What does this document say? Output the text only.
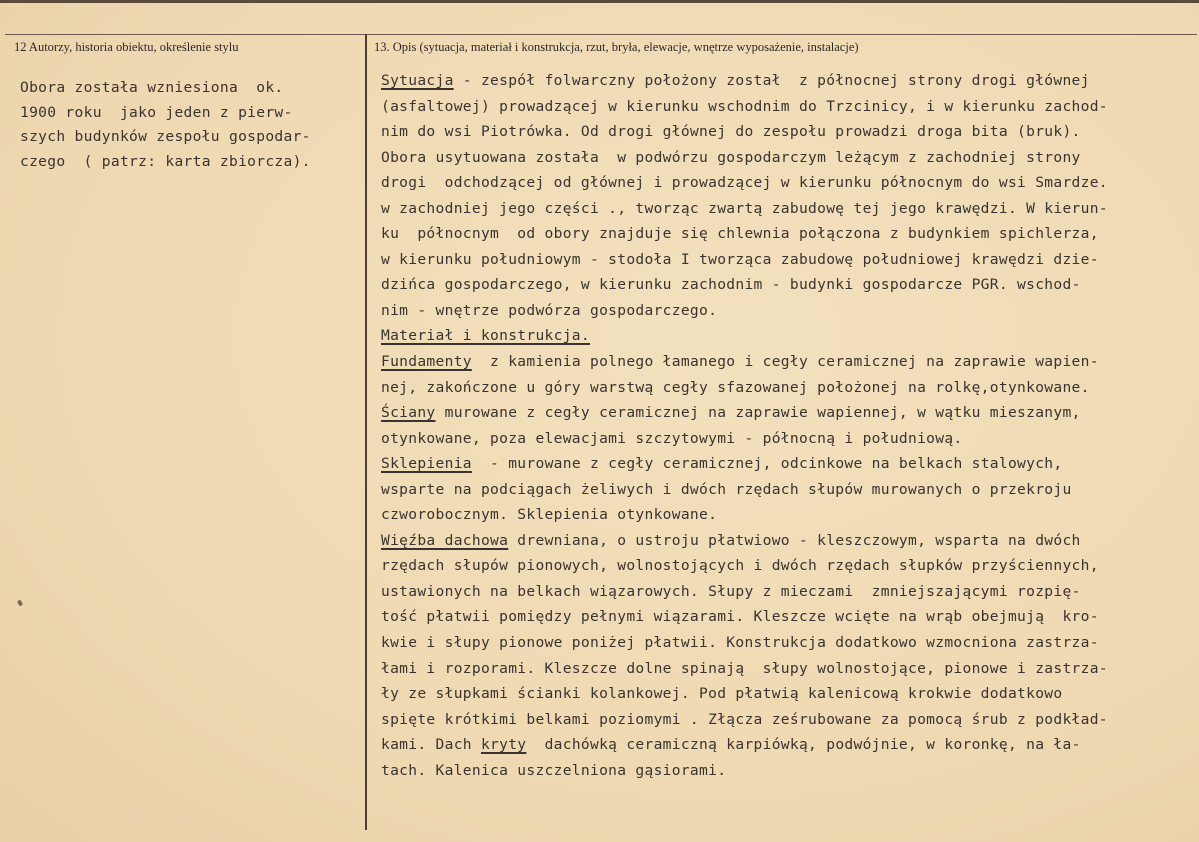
12 Autorzy, historia obiektu, określenie stylu	13. Opis (sytuacja, materiał i konstrukcja, rzut, bryła, elewacje, wnętrze wyposażenie, instalacje)
Obora została wzniesiona  ok.
1900 roku  jako jeden z pierw-
szych budynków zespołu gospodar-
czego  ( patrz: karta zbiorcza).
Sytuacja - zespół folwarczny położony został  z północnej strony drogi głównej
(asfaltowej) prowadzącej w kierunku wschodnim do Trzcinicy, i w kierunku zachod-
nim do wsi Piotrówka. Od drogi głównej do zespołu prowadzi droga bita (bruk).
Obora usytuowana została  w podwórzu gospodarczym leżącym z zachodniej strony
drogi  odchodzącej od głównej i prowadzącej w kierunku północnym do wsi Smardze.
w zachodniej jego części ., tworząc zwartą zabudowę tej jego krawędzi. W kierun-
ku  północnym  od obory znajduje się chlewnia połączona z budynkiem spichlerza,
w kierunku południowym - stodoła I tworząca zabudowę południowej krawędzi dzie-
dzińca gospodarczego, w kierunku zachodnim - budynki gospodarcze PGR. wschod-
nim - wnętrze podwórza gospodarczego.
Materiał i konstrukcja.
Fundamenty  z kamienia polnego łamanego i cegły ceramicznej na zaprawie wapien-
nej, zakończone u góry warstwą cegły sfazowanej położonej na rolkę,otynkowane.
Ściany murowane z cegły ceramicznej na zaprawie wapiennej, w wątku mieszanym,
otynkowane, poza elewacjami szczytowymi - północną i południową.
Sklepienia  - murowane z cegły ceramicznej, odcinkowe na belkach stalowych,
wsparte na podciągach żeliwych i dwóch rzędach słupów murowanych o przekroju
czworobocznym. Sklepienia otynkowane.
Więźba dachowa drewniana, o ustroju płatwiowo - kleszczowym, wsparta na dwóch
rzędach słupów pionowych, wolnostojących i dwóch rzędach słupków przyściennych,
ustawionych na belkach wiązarowych. Słupy z mieczami  zmniejszającymi rozpię-
tość płatwii pomiędzy pełnymi wiązarami. Kleszcze wcięte na wrąb obejmują  kro-
kwie i słupy pionowe poniżej płatwii. Konstrukcja dodatkowo wzmocniona zastrza-
łami i rozporami. Kleszcze dolne spinają  słupy wolnostojące, pionowe i zastrza-
ły ze słupkami ścianki kolankowej. Pod płatwią kalenicową krokwie dodatkowo
spięte krótkimi belkami poziomymi . Złącza ześrubowane za pomocą śrub z podkład-
kami. Dach kryty  dachówką ceramiczną karpiówką, podwójnie, w koronkę, na ła-
tach. Kalenica uszczelniona gąsiorami.
